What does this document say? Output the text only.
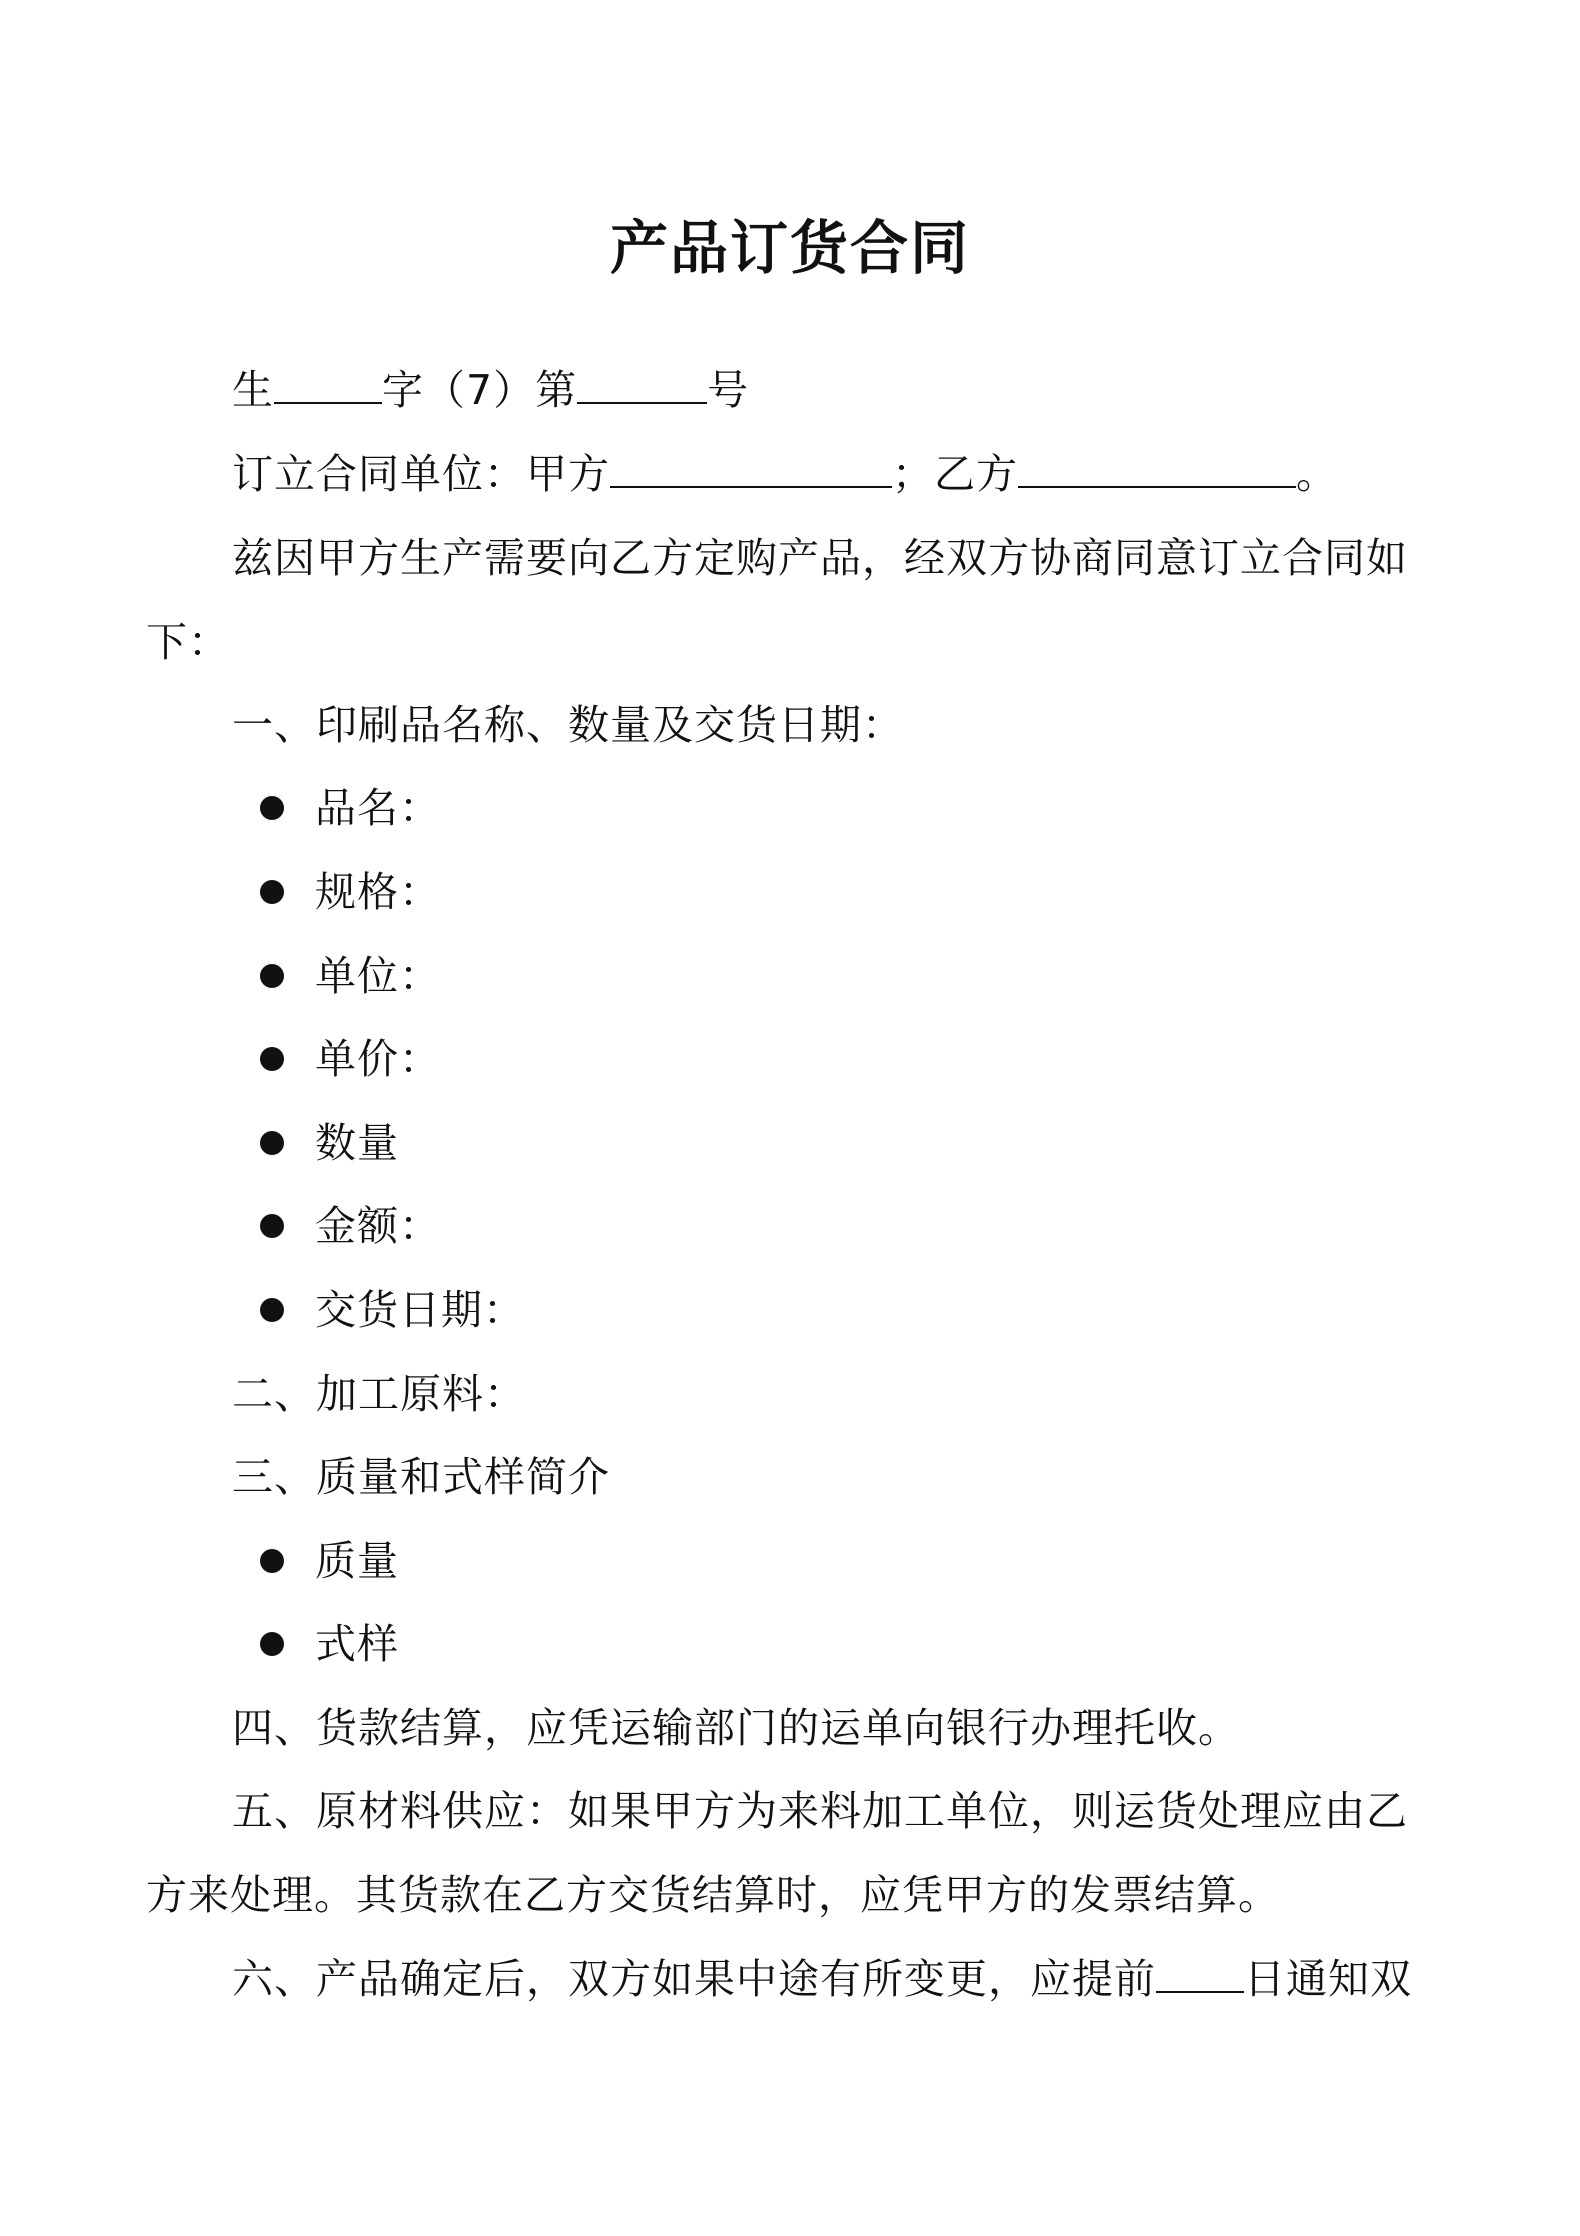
产品订货合同
生	字（7）第	号
订立合同单位：甲方	；乙方	。
兹因甲方生产需要向乙方定购产品，经双方协商同意订立合同如
下：
一、印刷品名称、数量及交货日期：
品名：
规格：
单位：
单价：
数量
金额：
交货日期：
二、加工原料：
三、质量和式样简介
质量
式样
四、货款结算，应凭运输部门的运单向银行办理托收。
五、原材料供应：如果甲方为来料加工单位，则运货处理应由乙
方来处理。其货款在乙方交货结算时，应凭甲方的发票结算。
六、产品确定后，双方如果中途有所变更，应提前 日通知双
